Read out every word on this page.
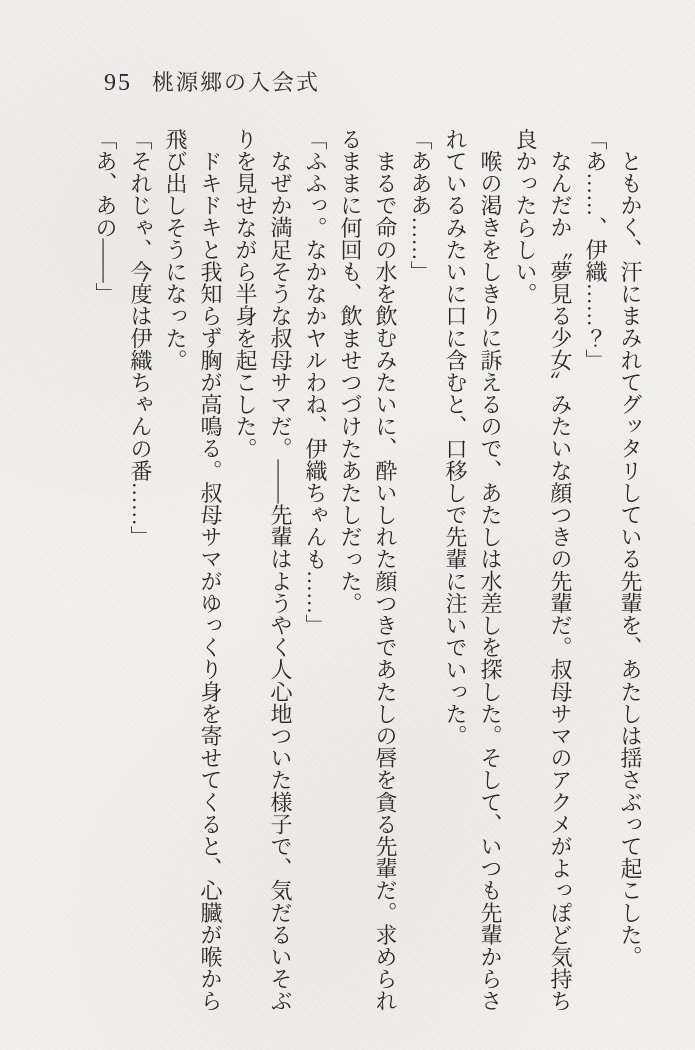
95 桃源郷の入会式

ともかく、汗にまみれてグッタリしている先輩を、あたしは揺さぶって起こした。

「あ……、伊織……？」

なんだか〝夢見る少女〟みたいな顔つきの先輩だ。叔母サマのアクメがよっぽど気持ち良かったらしい。

喉の渇きをしきりに訴えるので、あたしは水差しを探した。そして、いつも先輩からされているみたいに口に含むと、口移しで先輩に注いでいった。

「あああ……」

まるで命の水を飲むみたいに、酔いしれた顔つきであたしの唇を貪る先輩だ。求められるままに何回も、飲ませつづけたあたしだった。

「ふふっ。なかなかヤルわね、伊織ちゃんも……」

なぜか満足そうな叔母サマだ。――先輩はようやく人心地ついた様子で、気だるいそぶりを見せながら半身を起こした。

ドキドキと我知らず胸が高鳴る。叔母サマがゆっくり身を寄せてくると、心臓が喉から飛び出しそうになった。

「それじゃ、今度は伊織ちゃんの番……」

「あ、あの――」
